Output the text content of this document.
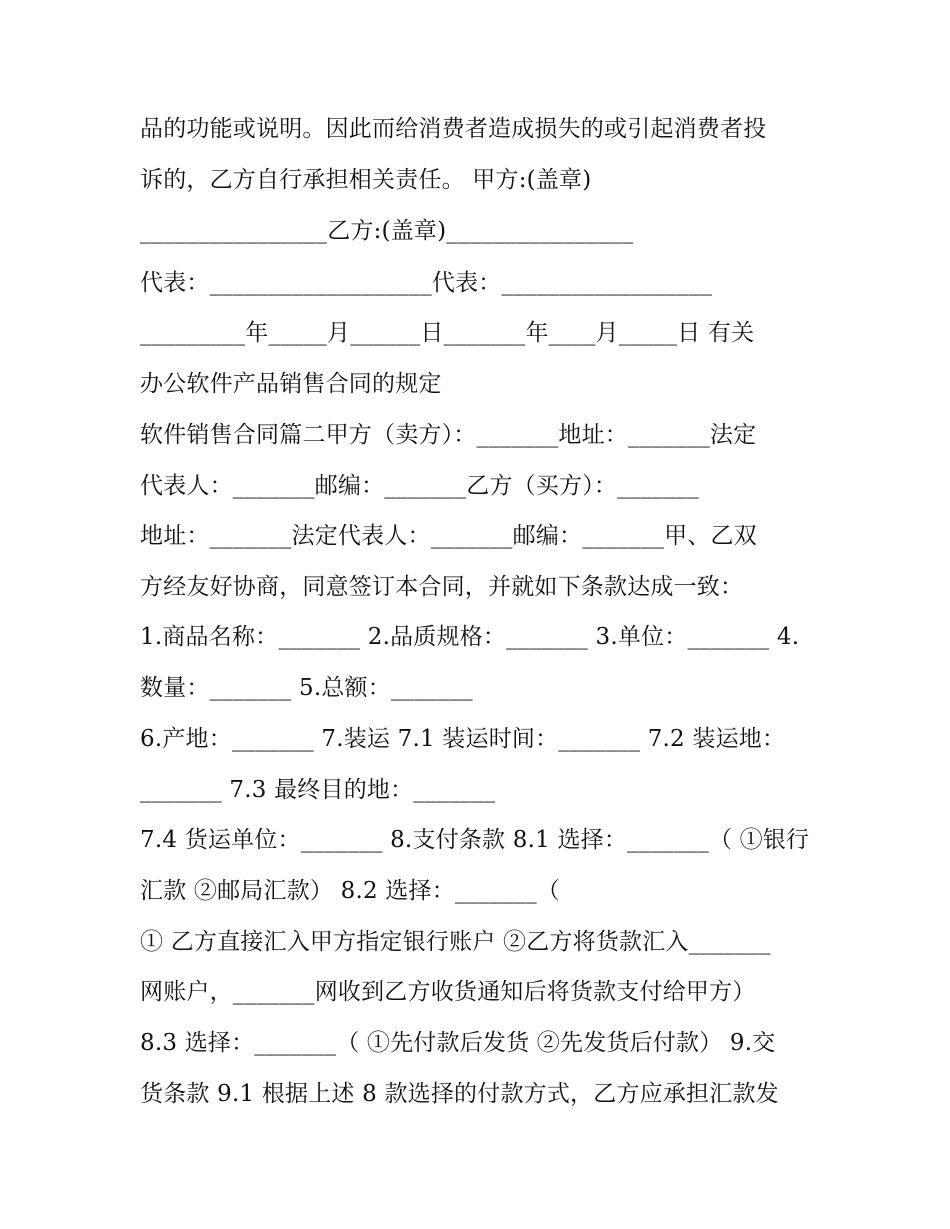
品的功能或说明。因此而给消费者造成损失的或引起消费者投
诉的，乙方自行承担相关责任。 甲方:(盖章)
________________乙方:(盖章)________________
代表：___________________代表：__________________
_________年_____月______日_______年____月_____日 有关
办公软件产品销售合同的规定
软件销售合同篇二甲方（卖方）：_______地址：_______法定
代表人：_______邮编：_______乙方（买方）：_______
地址：_______法定代表人：_______邮编：_______甲、乙双
方经友好协商，同意签订本合同，并就如下条款达成一致：
1.商品名称：_______ 2.品质规格：_______ 3.单位：_______ 4.
数量：_______ 5.总额：_______
6.产地：_______ 7.装运 7.1 装运时间：_______ 7.2 装运地：
_______ 7.3 最终目的地：_______
7.4 货运单位：_______ 8.支付条款 8.1 选择：_______（ ①银行
汇款 ②邮局汇款） 8.2 选择：_______（
① 乙方直接汇入甲方指定银行账户 ②乙方将货款汇入_______
网账户，_______网收到乙方收货通知后将货款支付给甲方）
8.3 选择：_______（ ①先付款后发货 ②先发货后付款） 9.交
货条款 9.1 根据上述 8 款选择的付款方式，乙方应承担汇款发
